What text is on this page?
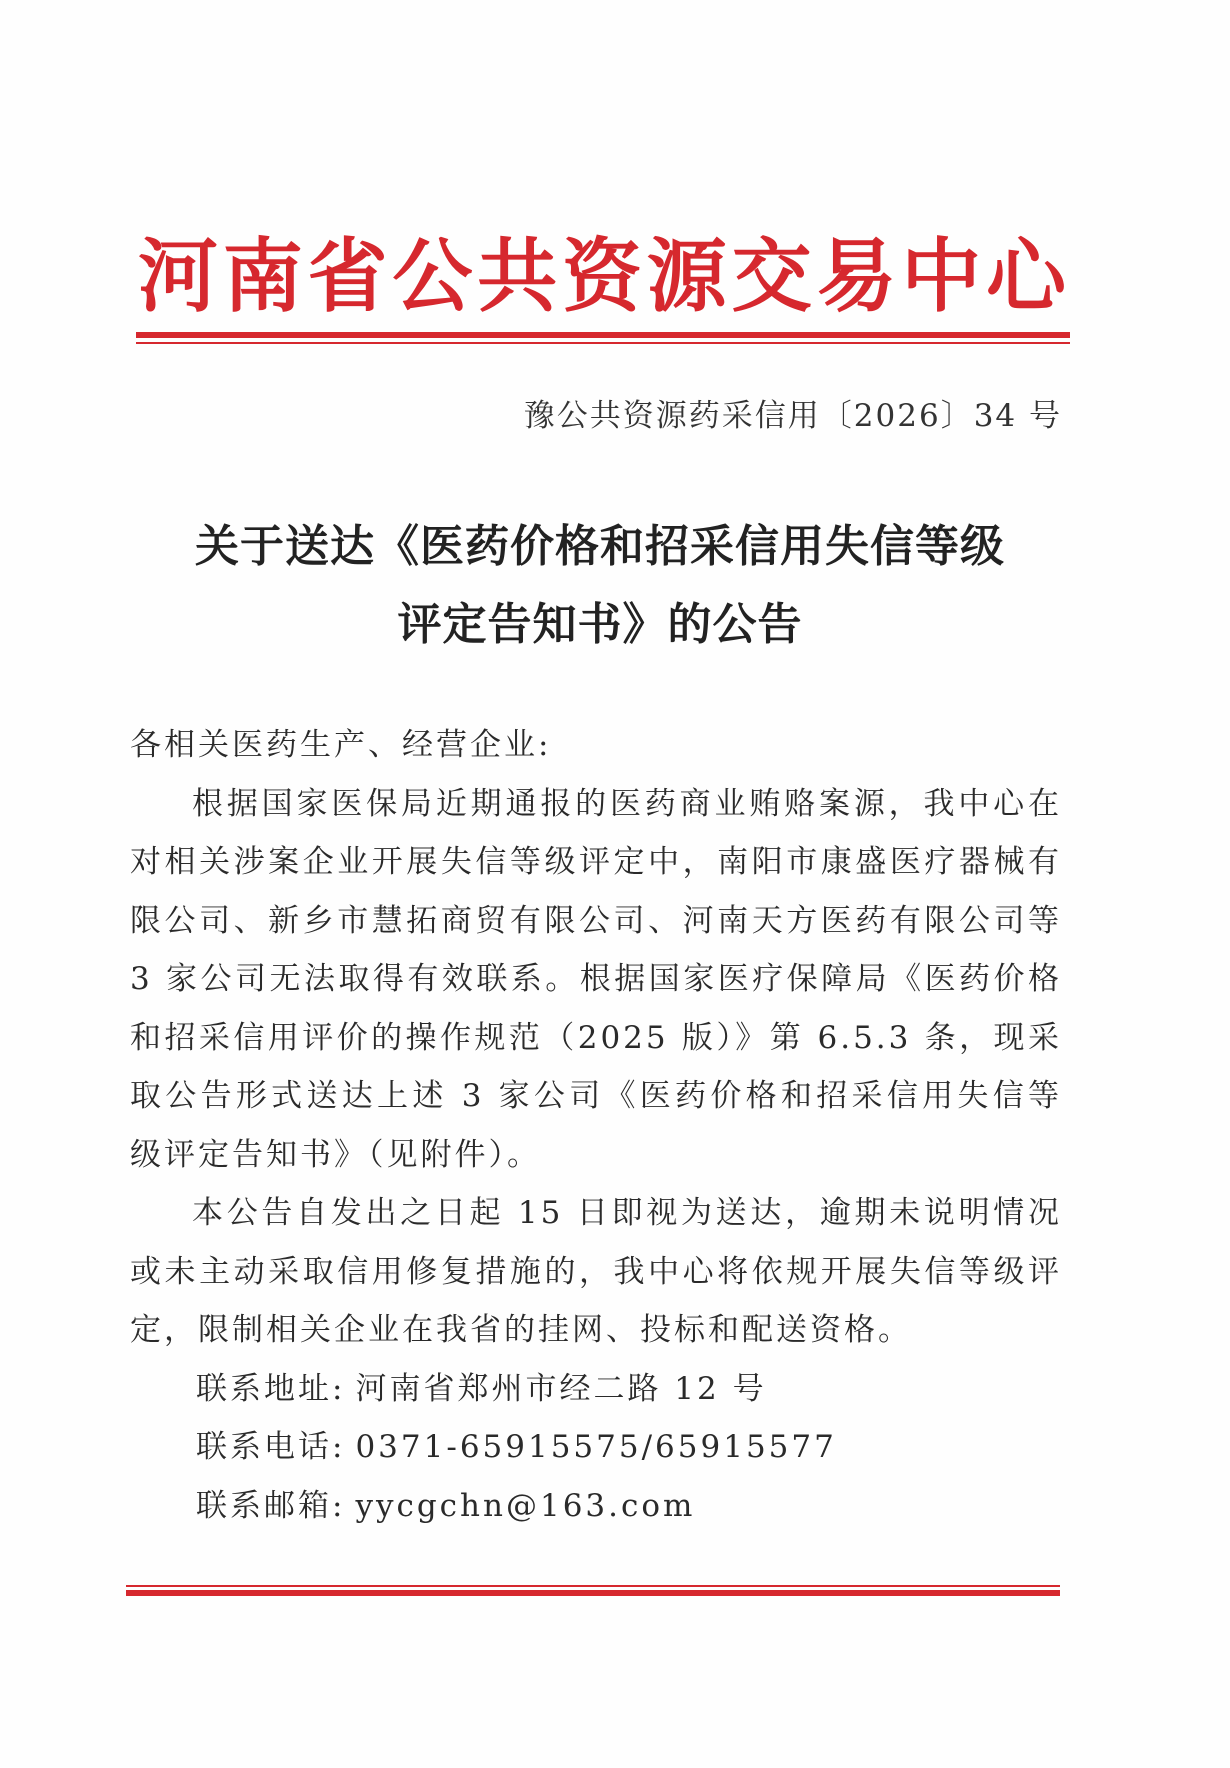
河南省公共资源交易中心
豫公共资源药采信用〔2026〕34 号
关于送达《医药价格和招采信用失信等级
评定告知书》的公告

各相关医药生产、经营企业:

根据国家医保局近期通报的医药商业贿赂案源，我中心在对相关涉案企业开展失信等级评定中，南阳市康盛医疗器械有限公司、新乡市慧拓商贸有限公司、河南天方医药有限公司等 3 家公司无法取得有效联系。根据国家医疗保障局《医药价格和招采信用评价的操作规范（2025 版）》第 6.5.3 条，现采取公告形式送达上述 3 家公司《医药价格和招采信用失信等级评定告知书》（见附件）。

本公告自发出之日起 15 日即视为送达，逾期未说明情况或未主动采取信用修复措施的，我中心将依规开展失信等级评定，限制相关企业在我省的挂网、投标和配送资格。

联系地址: 河南省郑州市经二路 12 号

联系电话: 0371-65915575/65915577

联系邮箱: yycgchn@163.com
